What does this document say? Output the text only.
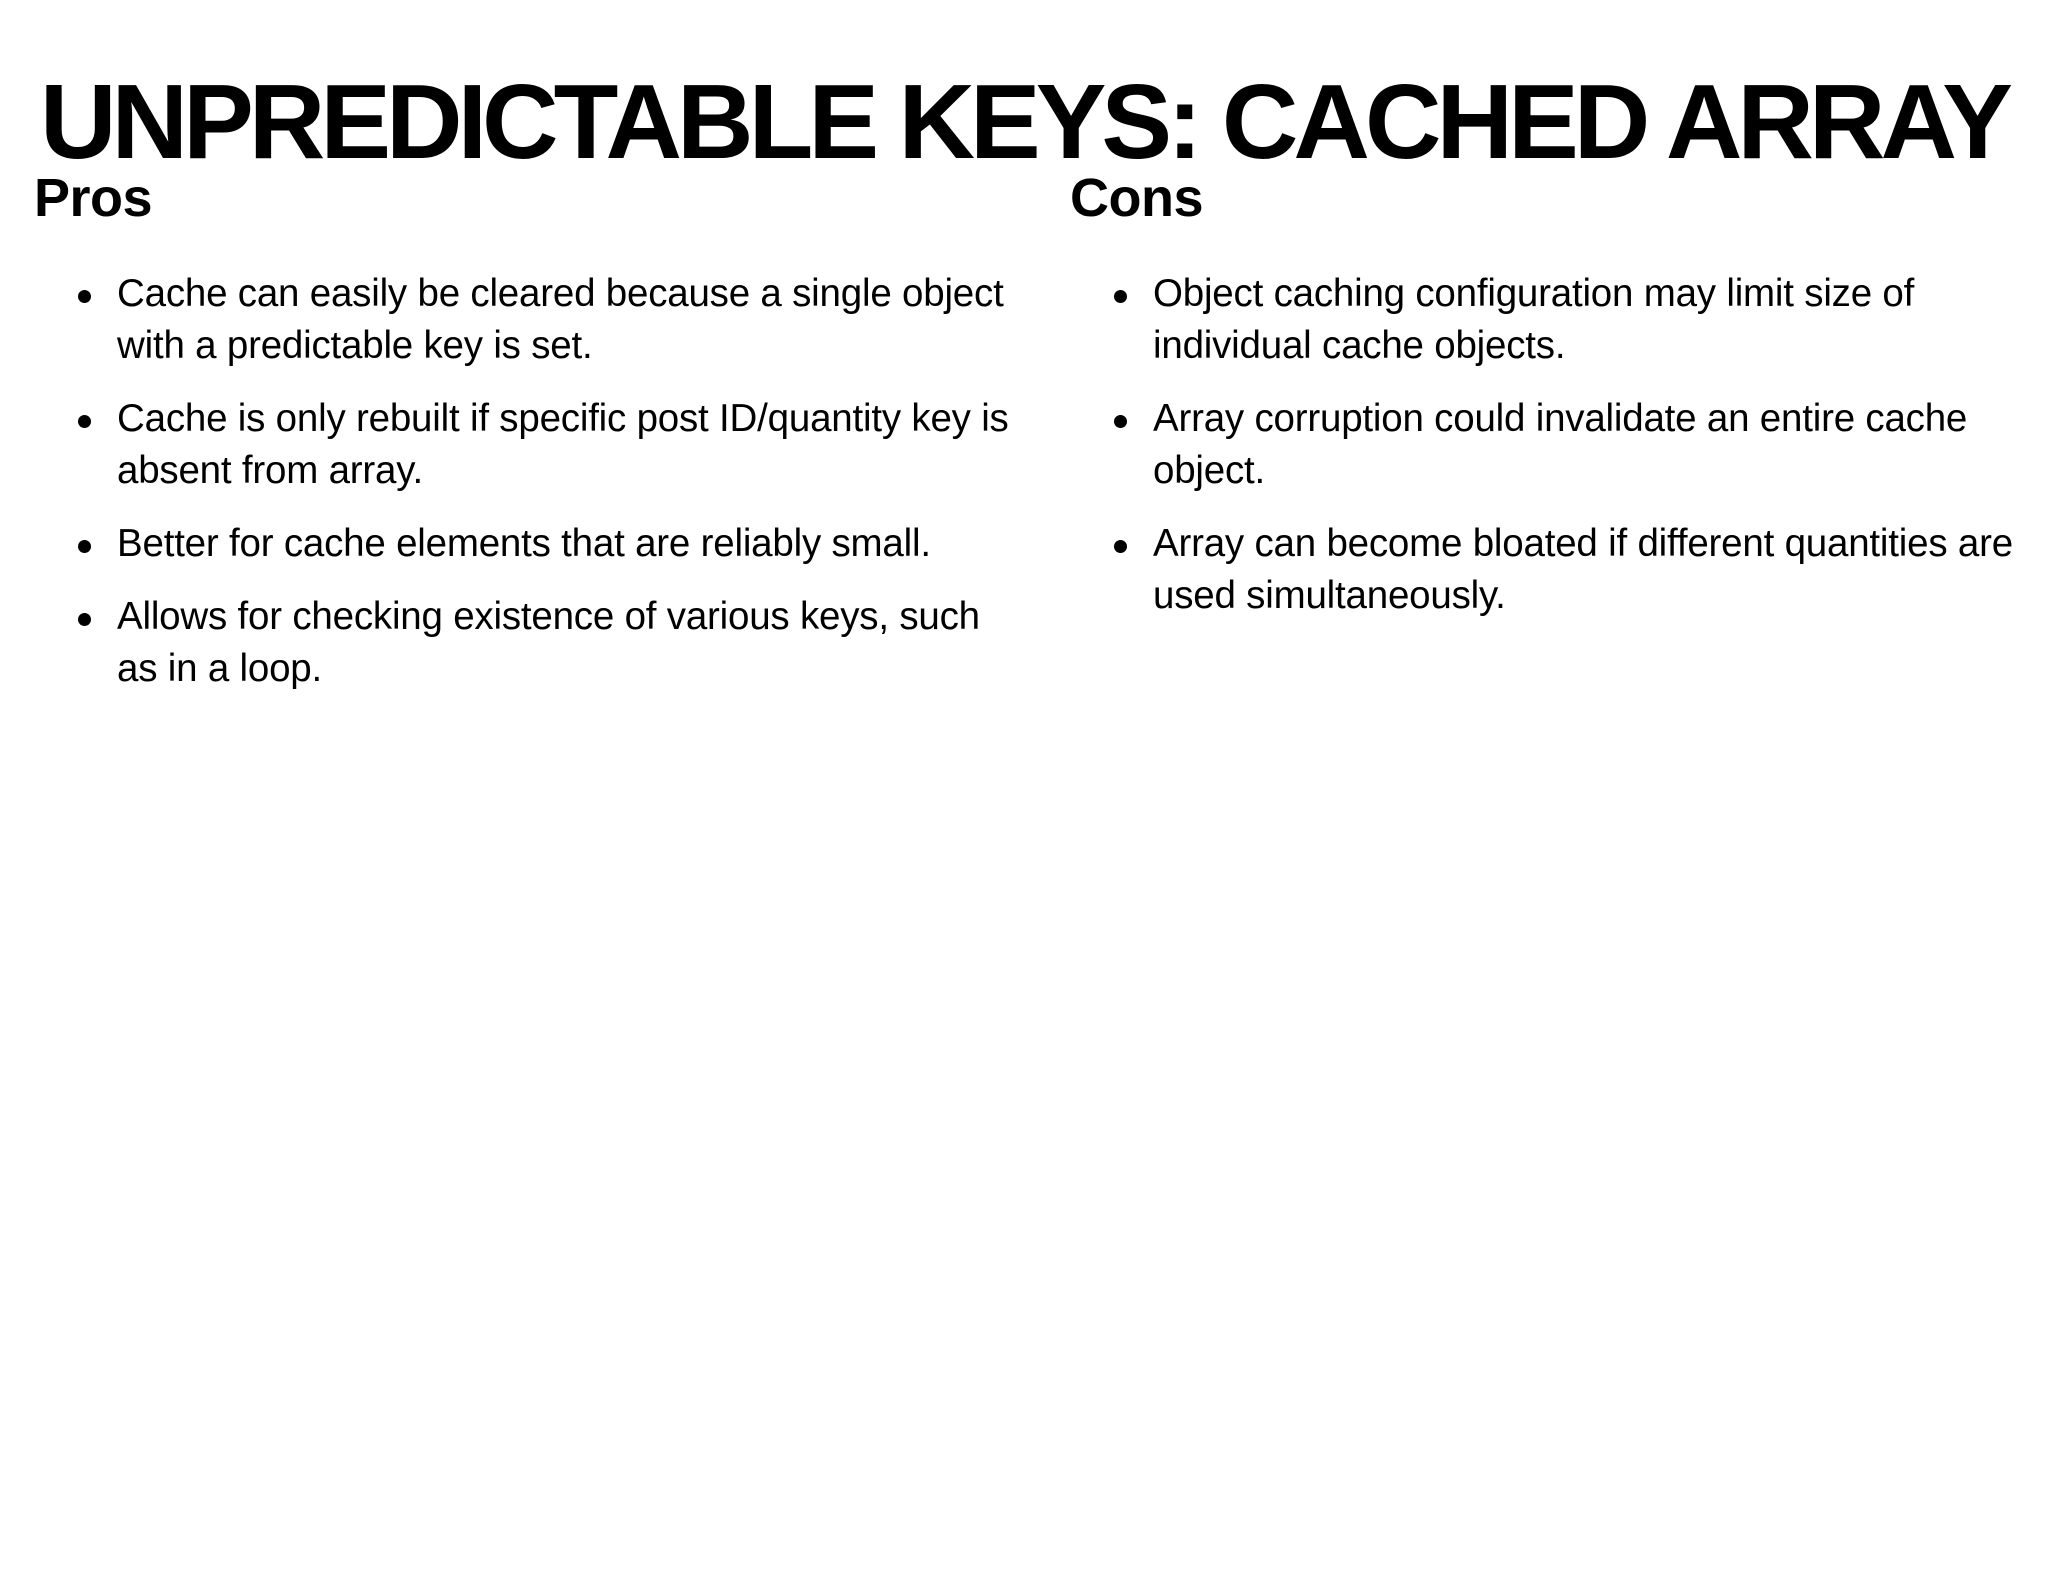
UNPREDICTABLE KEYS: CACHED ARRAY
Pros
Cache can easily be cleared because a single object with a predictable key is set.
Cache is only rebuilt if specific post ID/quantity key is absent from array.
Better for cache elements that are reliably small.
Allows for checking existence of various keys, such as in a loop.
Cons
Object caching configuration may limit size of individual cache objects.
Array corruption could invalidate an entire cache object.
Array can become bloated if different quantities are used simultaneously.
